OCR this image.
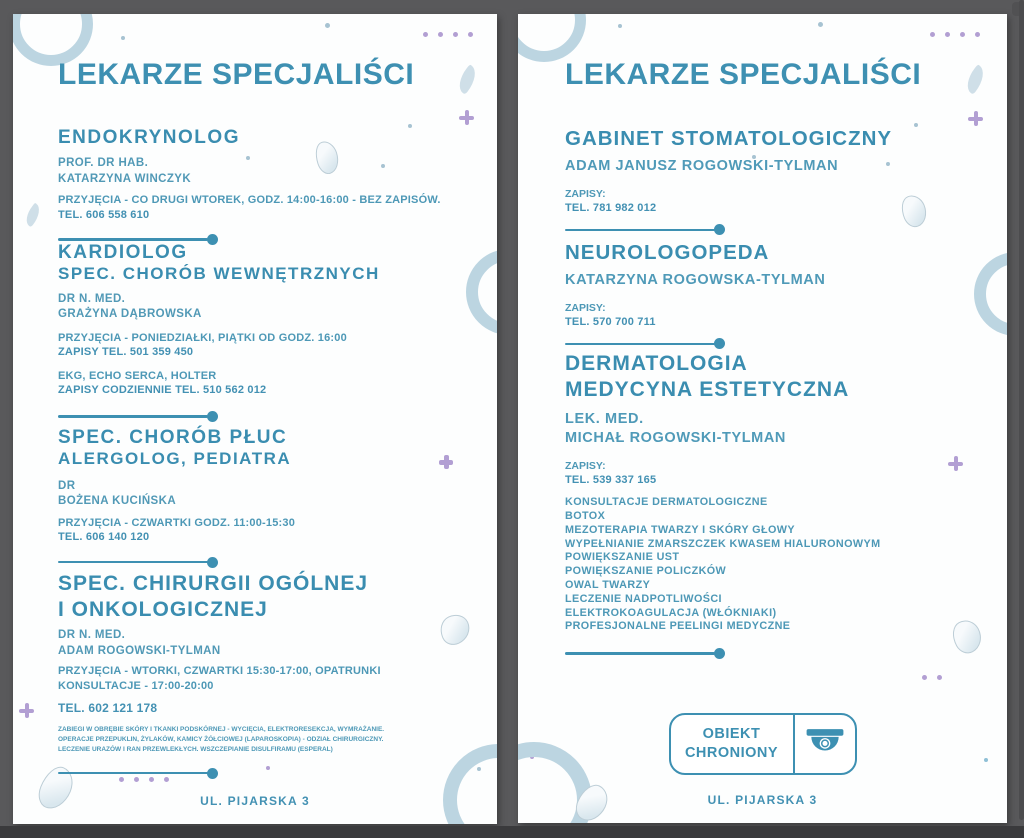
LEKARZE SPECJALIŚCI
ENDOKRYNOLOG
PROF. DR HAB.
KATARZYNA WINCZYK
PRZYJĘCIA - CO DRUGI WTOREK, GODZ. 14:00-16:00 - BEZ ZAPISÓW.
TEL. 606 558 610
KARDIOLOG
SPEC. CHORÓB WEWNĘTRZNYCH
DR N. MED.
GRAŻYNA DĄBROWSKA
PRZYJĘCIA - PONIEDZIAŁKI, PIĄTKI OD GODZ. 16:00
ZAPISY TEL. 501 359 450
EKG, ECHO SERCA, HOLTER
ZAPISY CODZIENNIE TEL. 510 562 012
SPEC. CHORÓB PŁUC
ALERGOLOG, PEDIATRA
DR
BOŻENA KUCIŃSKA
PRZYJĘCIA - CZWARTKI GODZ. 11:00-15:30
TEL. 606 140 120
SPEC. CHIRURGII OGÓLNEJ
I ONKOLOGICZNEJ
DR N. MED.
ADAM ROGOWSKI-TYLMAN
PRZYJĘCIA - WTORKI, CZWARTKI 15:30-17:00, OPATRUNKI
KONSULTACJE - 17:00-20:00
TEL. 602 121 178
ZABIEGI W OBRĘBIE SKÓRY I TKANKI PODSKÓRNEJ - WYCIĘCIA, ELEKTRORESEKCJA, WYMRAŻANIE.
OPERACJE PRZEPUKLIN, ŻYLAKÓW, KAMICY ŻÓŁCIOWEJ (LAPAROSKOPIA) - ODZIAŁ CHIRURGICZNY.
LECZENIE URAZÓW I RAN PRZEWLEKŁYCH. WSZCZEPIANIE DISULFIRAMU (ESPERAL)
UL. PIJARSKA 3
LEKARZE SPECJALIŚCI
GABINET STOMATOLOGICZNY
ADAM JANUSZ ROGOWSKI-TYLMAN
ZAPISY:
TEL. 781 982 012
NEUROLOGOPEDA
KATARZYNA ROGOWSKA-TYLMAN
ZAPISY:
TEL. 570 700 711
DERMATOLOGIA
MEDYCYNA ESTETYCZNA
LEK. MED.
MICHAŁ ROGOWSKI-TYLMAN
ZAPISY:
TEL. 539 337 165
KONSULTACJE DERMATOLOGICZNE
BOTOX
MEZOTERAPIA TWARZY I SKÓRY GŁOWY
WYPEŁNIANIE ZMARSZCZEK KWASEM HIALURONOWYM
POWIĘKSZANIE UST
POWIĘKSZANIE POLICZKÓW
OWAL TWARZY
LECZENIE NADPOTLIWOŚCI
ELEKTROKOAGULACJA (WŁÓKNIAKI)
PROFESJONALNE PEELINGI MEDYCZNE
OBIEKT
CHRONIONY
UL. PIJARSKA 3
